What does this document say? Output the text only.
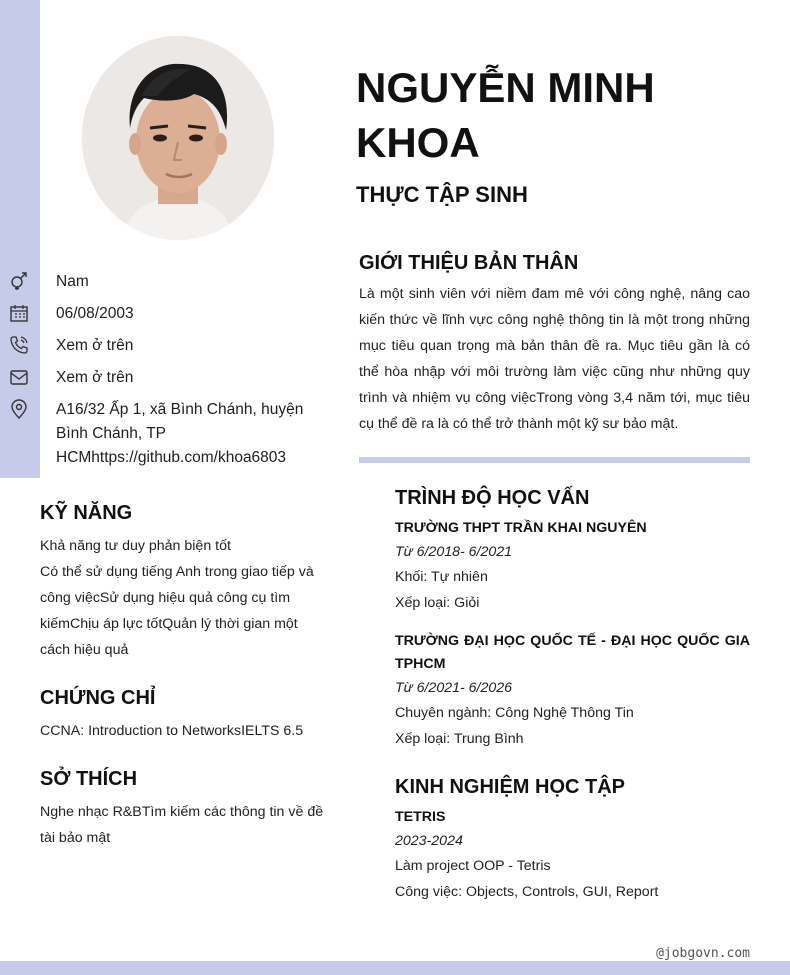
Nam
06/08/2003
Xem ở trên
Xem ở trên
A16/32 Ấp 1, xã Bình Chánh, huyện Bình Chánh, TP HCMhttps://github.com/khoa6803
KỸ NĂNG
Khả năng tư duy phản biện tốt
Có thể sử dụng tiếng Anh trong giao tiếp và công việcSử dụng hiệu quả công cụ tìm kiếmChịu áp lực tốtQuản lý thời gian một cách hiệu quả
CHỨNG CHỈ
CCNA: Introduction to NetworksIELTS 6.5
SỞ THÍCH
Nghe nhạc R&BTìm kiếm các thông tin về đề tài bảo mật
NGUYỄN MINH KHOA
THỰC TẬP SINH
GIỚI THIỆU BẢN THÂN
Là một sinh viên với niềm đam mê với công nghệ, nâng cao kiến thức về lĩnh vực công nghệ thông tin là một trong những mục tiêu quan trọng mà bản thân đề ra. Mục tiêu gần là có thể hòa nhập với môi trường làm việc cũng như những quy trình và nhiệm vụ công việcTrong vòng 3,4 năm tới, mục tiêu cụ thể đề ra là có thể trở thành một kỹ sư bảo mật.
TRÌNH ĐỘ HỌC VẤN
TRƯỜNG THPT TRẦN KHAI NGUYÊN
Từ 6/2018- 6/2021
Khối: Tự nhiên
Xếp loại: Giỏi
TRƯỜNG ĐẠI HỌC QUỐC TẾ - ĐẠI HỌC QUỐC GIA TPHCM
Từ 6/2021- 6/2026
Chuyên ngành: Công Nghệ Thông Tin
Xếp loại: Trung Bình
KINH NGHIỆM HỌC TẬP
TETRIS
2023-2024
Làm project OOP - Tetris
Công việc: Objects, Controls, GUI, Report
@jobgovn.com
